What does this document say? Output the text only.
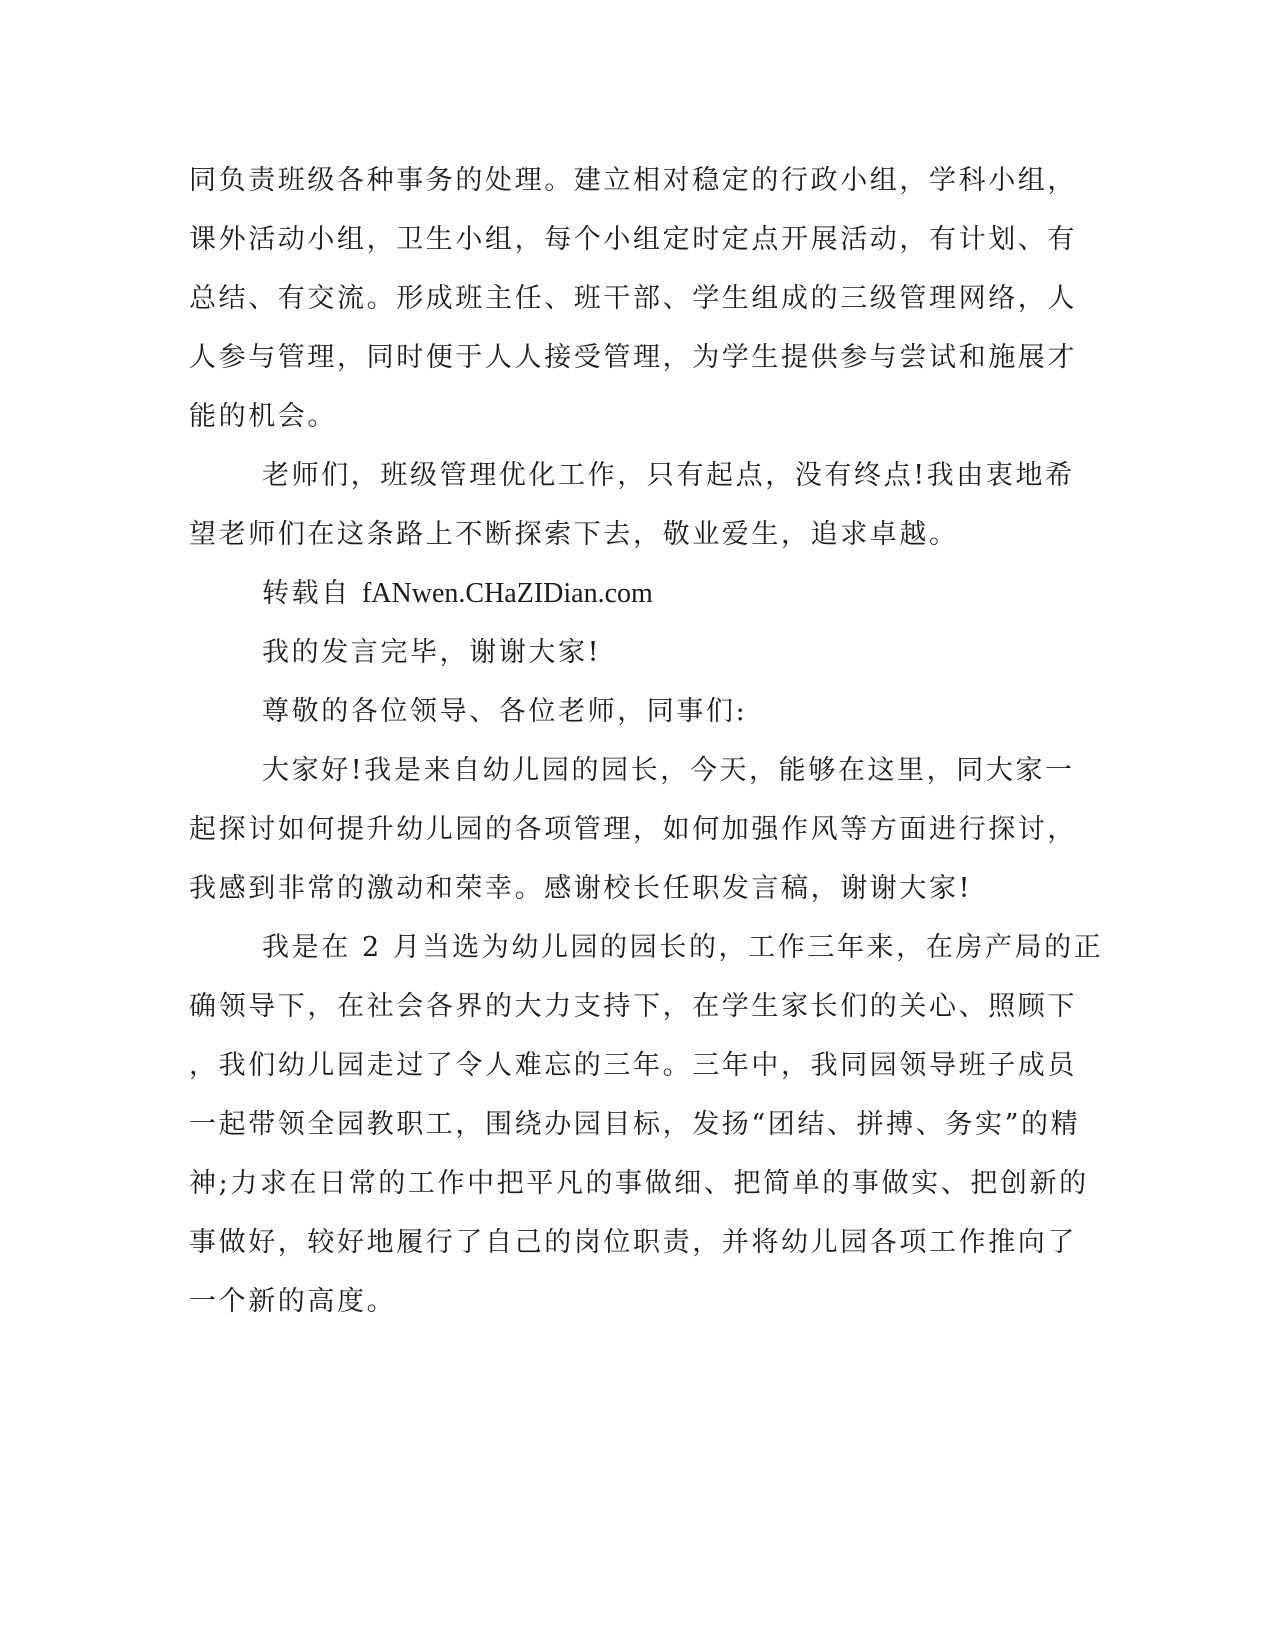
同负责班级各种事务的处理。建立相对稳定的行政小组，学科小组，

课外活动小组，卫生小组，每个小组定时定点开展活动，有计划、有

总结、有交流。形成班主任、班干部、学生组成的三级管理网络，人

人参与管理，同时便于人人接受管理，为学生提供参与尝试和施展才

能的机会。

老师们，班级管理优化工作，只有起点，没有终点!我由衷地希

望老师们在这条路上不断探索下去，敬业爱生，追求卓越。

转载自 fANwen.CHaZIDian.com

我的发言完毕，谢谢大家!

尊敬的各位领导、各位老师，同事们:

大家好!我是来自幼儿园的园长，今天，能够在这里，同大家一

起探讨如何提升幼儿园的各项管理，如何加强作风等方面进行探讨，

我感到非常的激动和荣幸。感谢校长任职发言稿，谢谢大家!

我是在 2 月当选为幼儿园的园长的，工作三年来，在房产局的正

确领导下，在社会各界的大力支持下，在学生家长们的关心、照顾下

，我们幼儿园走过了令人难忘的三年。三年中，我同园领导班子成员

一起带领全园教职工，围绕办园目标，发扬“团结、拼搏、务实”的精

神;力求在日常的工作中把平凡的事做细、把简单的事做实、把创新的

事做好，较好地履行了自己的岗位职责，并将幼儿园各项工作推向了

一个新的高度。
